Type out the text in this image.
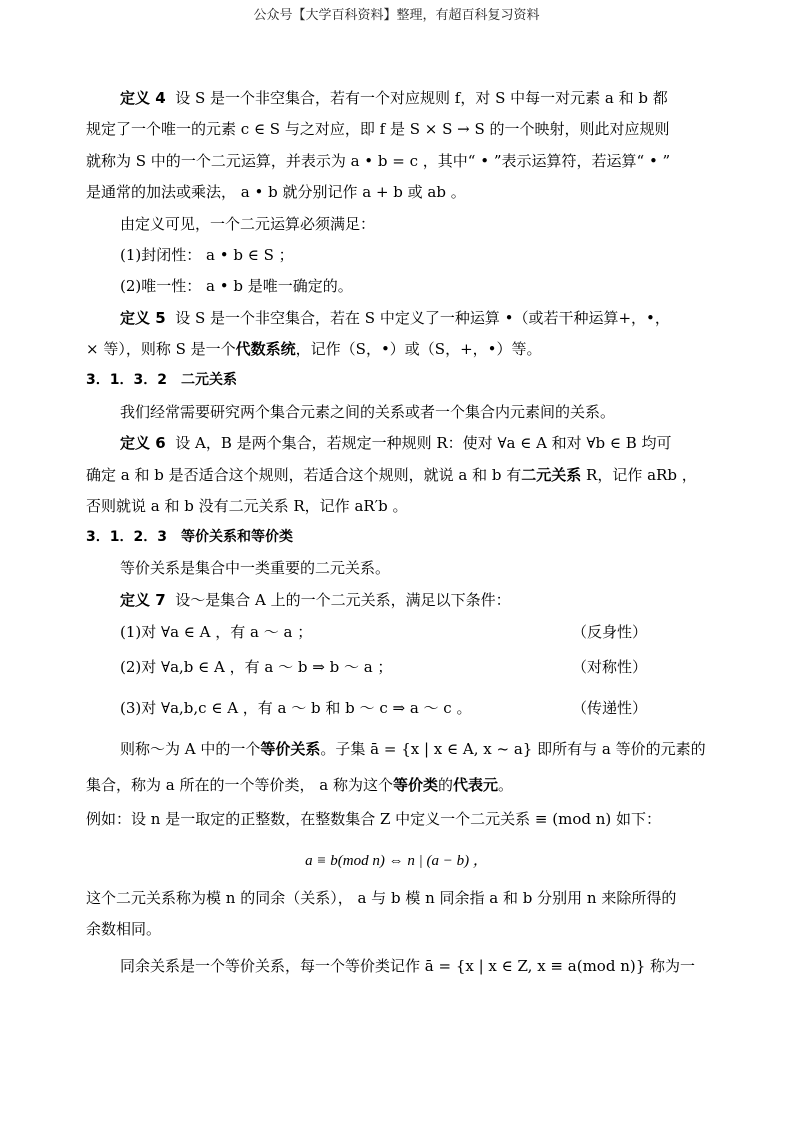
公众号【大学百科资料】整理，有超百科复习资料

定义 4 设 S 是一个非空集合，若有一个对应规则 f，对 S 中每一对元素 a 和 b 都

规定了一个唯一的元素 c ∈ S 与之对应，即 f 是 S × S → S 的一个映射，则此对应规则

就称为 S 中的一个二元运算，并表示为 a • b = c ，其中“ • ”表示运算符，若运算“ • ”

是通常的加法或乘法， a • b 就分别记作 a + b 或 ab 。

由定义可见，一个二元运算必须满足：

(1)封闭性： a • b ∈ S ；

(2)唯一性： a • b 是唯一确定的。

定义 5 设 S 是一个非空集合，若在 S 中定义了一种运算 •（或若干种运算+，•，

× 等），则称 S 是一个代数系统，记作（S，•）或（S，+，•）等。

3．1．3．2　二元关系

我们经常需要研究两个集合元素之间的关系或者一个集合内元素间的关系。

定义 6 设 A，B 是两个集合，若规定一种规则 R：使对 ∀a ∈ A 和对 ∀b ∈ B 均可

确定 a 和 b 是否适合这个规则，若适合这个规则，就说 a 和 b 有二元关系 R，记作 aRb ，

否则就说 a 和 b 没有二元关系 R，记作 aR′b 。

3．1．2．3　等价关系和等价类

等价关系是集合中一类重要的二元关系。

定义 7 设～是集合 A 上的一个二元关系，满足以下条件：

(1)对 ∀a ∈ A ，有 a ～ a ；	（反身性）

(2)对 ∀a,b ∈ A ，有 a ～ b ⇒ b ～ a ；	（对称性）

(3)对 ∀a,b,c ∈ A ，有 a ～ b 和 b ～ c ⇒ a ～ c 。	（传递性）

则称～为 A 中的一个等价关系。子集 ā = {x | x ∈ A, x ~ a} 即所有与 a 等价的元素的

集合，称为 a 所在的一个等价类， a 称为这个等价类的代表元。

例如：设 n 是一取定的正整数，在整数集合 Z 中定义一个二元关系 ≡ (mod n) 如下：

a ≡ b(mod n) ⇔ n | (a − b) ，

这个二元关系称为模 n 的同余（关系）， a 与 b 模 n 同余指 a 和 b 分别用 n 来除所得的

余数相同。

同余关系是一个等价关系，每一个等价类记作 ā = {x | x ∈ Z, x ≡ a(mod n)} 称为一
